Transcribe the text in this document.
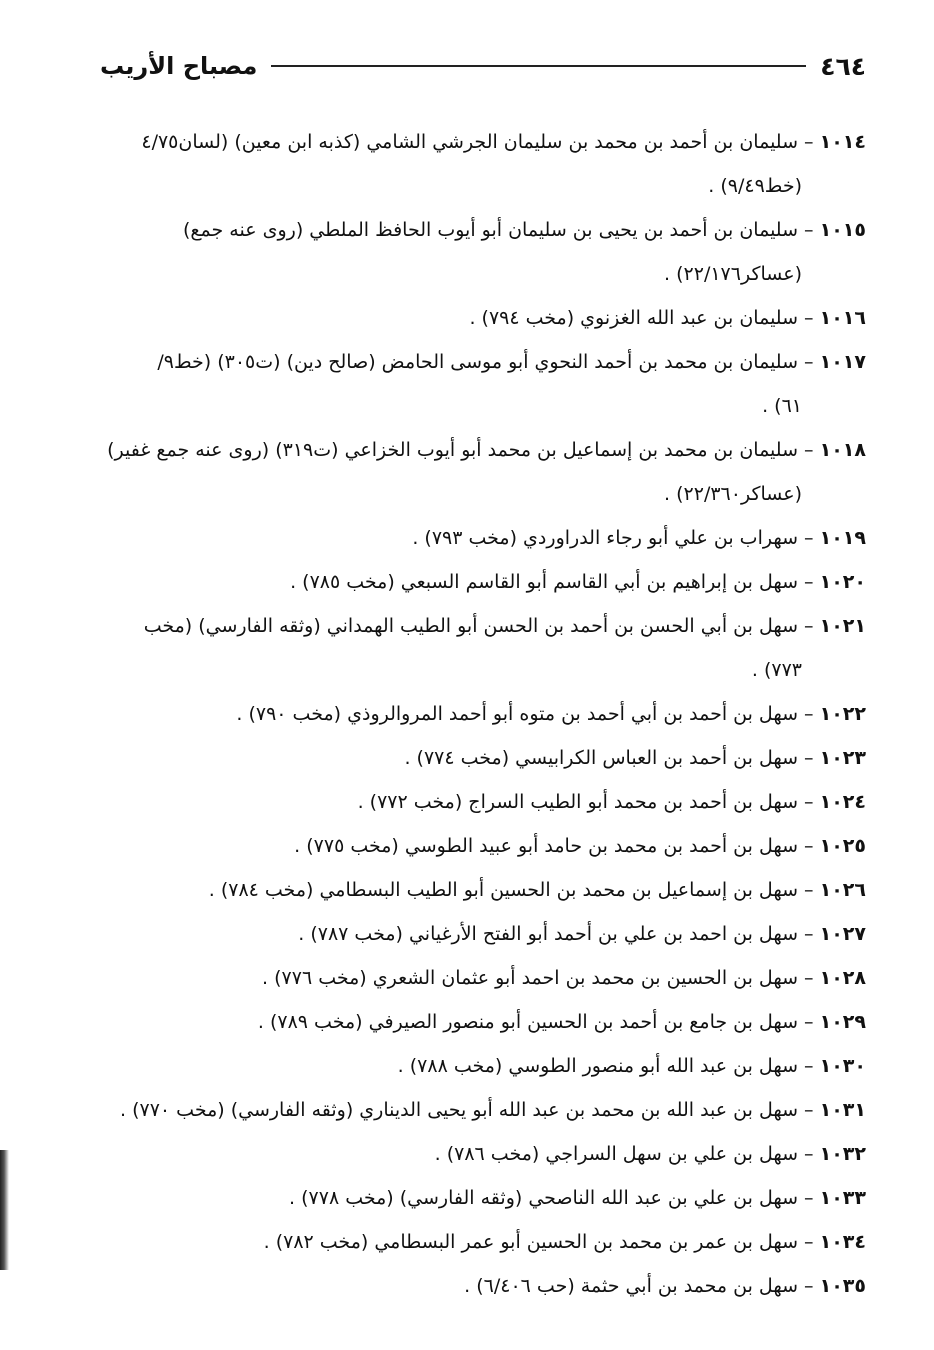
٤٦٤
مصباح الأريب
١٠١٤ – سليمان بن أحمد بن محمد بن سليمان الجرشي الشامي (كذبه ابن معين) (لسان٤/٧٥
(خط٩/٤٩) .
١٠١٥ – سليمان بن أحمد بن يحيى بن سليمان أبو أيوب الحافظ الملطي (روى عنه جمع)
(عساكر٢٢/١٧٦) .
١٠١٦ – سليمان بن عبد الله الغزنوي (مخب ٧٩٤) .
١٠١٧ – سليمان بن محمد بن أحمد النحوي أبو موسى الحامض (صالح دين) (ت٣٠٥) (خط٩/
٦١) .
١٠١٨ – سليمان بن محمد بن إسماعيل بن محمد أبو أيوب الخزاعي (ت٣١٩) (روى عنه جمع غفير)
(عساكر٢٢/٣٦٠) .
١٠١٩ – سهراب بن علي أبو رجاء الدراوردي (مخب ٧٩٣) .
١٠٢٠ – سهل بن إبراهيم بن أبي القاسم أبو القاسم السبعي (مخب ٧٨٥) .
١٠٢١ – سهل بن أبي الحسن بن أحمد بن الحسن أبو الطيب الهمداني (وثقه الفارسي) (مخب
٧٧٣) .
١٠٢٢ – سهل بن أحمد بن أبي أحمد بن متوه أبو أحمد المروالروذي (مخب ٧٩٠) .
١٠٢٣ – سهل بن أحمد بن العباس الكرابيسي (مخب ٧٧٤) .
١٠٢٤ – سهل بن أحمد بن محمد أبو الطيب السراج (مخب ٧٧٢) .
١٠٢٥ – سهل بن أحمد بن محمد بن حامد أبو عبيد الطوسي (مخب ٧٧٥) .
١٠٢٦ – سهل بن إسماعيل بن محمد بن الحسين أبو الطيب البسطامي (مخب ٧٨٤) .
١٠٢٧ – سهل بن احمد بن علي بن أحمد أبو الفتح الأرغياني (مخب ٧٨٧) .
١٠٢٨ – سهل بن الحسين بن محمد بن احمد أبو عثمان الشعري (مخب ٧٧٦) .
١٠٢٩ – سهل بن جامع بن أحمد بن الحسين أبو منصور الصيرفي (مخب ٧٨٩) .
١٠٣٠ – سهل بن عبد الله أبو منصور الطوسي (مخب ٧٨٨) .
١٠٣١ – سهل بن عبد الله بن محمد بن عبد الله أبو يحيى الديناري (وثقه الفارسي) (مخب ٧٧٠) .
١٠٣٢ – سهل بن علي بن سهل السراجي (مخب ٧٨٦) .
١٠٣٣ – سهل بن علي بن عبد الله الناصحي (وثقه الفارسي) (مخب ٧٧٨) .
١٠٣٤ – سهل بن عمر بن محمد بن الحسين أبو عمر البسطامي (مخب ٧٨٢) .
١٠٣٥ – سهل بن محمد بن أبي حثمة (حب ٦/٤٠٦) .
